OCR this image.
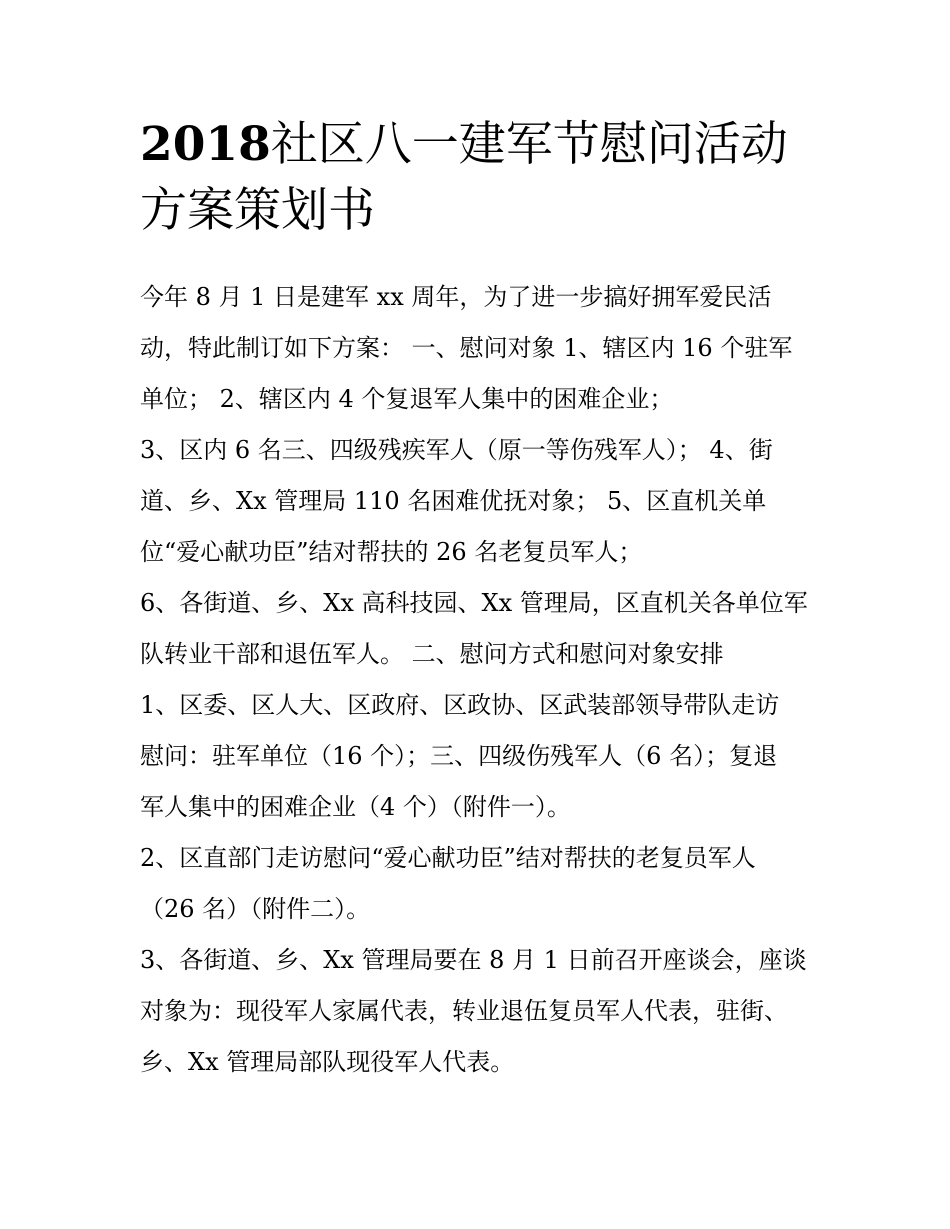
2018社区八一建军节慰问活动
方案策划书
今年 8 月 1 日是建军 xx 周年，为了进一步搞好拥军爱民活
动，特此制订如下方案： 一、慰问对象 1、辖区内 16 个驻军
单位； 2、辖区内 4 个复退军人集中的困难企业；
3、区内 6 名三、四级残疾军人（原一等伤残军人）； 4、街
道、乡、Xx 管理局 110 名困难优抚对象； 5、区直机关单
位“爱心献功臣”结对帮扶的 26 名老复员军人；
6、各街道、乡、Xx 高科技园、Xx 管理局，区直机关各单位军
队转业干部和退伍军人。 二、慰问方式和慰问对象安排
1、区委、区人大、区政府、区政协、区武装部领导带队走访
慰问：驻军单位（16 个）；三、四级伤残军人（6 名）；复退
军人集中的困难企业（4 个）（附件一）。
2、区直部门走访慰问“爱心献功臣”结对帮扶的老复员军人
（26 名）（附件二）。
3、各街道、乡、Xx 管理局要在 8 月 1 日前召开座谈会，座谈
对象为：现役军人家属代表，转业退伍复员军人代表，驻街、
乡、Xx 管理局部队现役军人代表。
